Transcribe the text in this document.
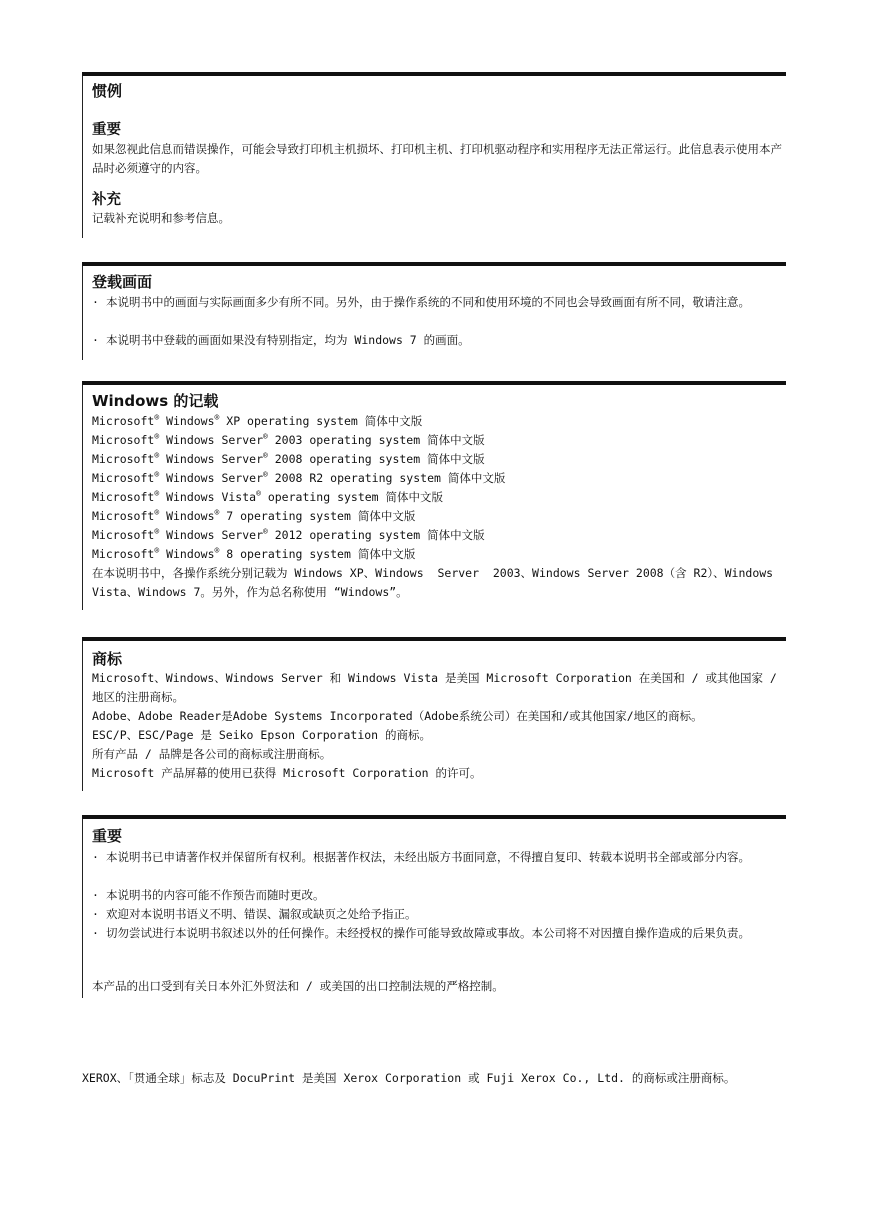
惯例
重要
如果忽视此信息而错误操作，可能会导致打印机主机损坏、打印机主机、打印机驱动程序和实用程序无法正常运行。此信息表示使用本产品时必须遵守的内容。
补充
记载补充说明和参考信息。
登载画面
· 本说明书中的画面与实际画面多少有所不同。另外，由于操作系统的不同和使用环境的不同也会导致画面有所不同，敬请注意。
· 本说明书中登载的画面如果没有特别指定，均为 Windows 7 的画面。
Windows 的记载
Microsoft® Windows® XP operating system 简体中文版
Microsoft® Windows Server® 2003 operating system 简体中文版
Microsoft® Windows Server® 2008 operating system 简体中文版
Microsoft® Windows Server® 2008 R2 operating system 简体中文版
Microsoft® Windows Vista® operating system 简体中文版
Microsoft® Windows® 7 operating system 简体中文版
Microsoft® Windows Server® 2012 operating system 简体中文版
Microsoft® Windows® 8 operating system 简体中文版
在本说明书中，各操作系统分别记载为 Windows XP、Windows  Server  2003、Windows Server 2008（含 R2）、Windows Vista、Windows 7。另外，作为总名称使用 “Windows”。
商标
Microsoft、Windows、Windows Server 和 Windows Vista 是美国 Microsoft Corporation 在美国和 / 或其他国家 / 地区的注册商标。
Adobe、Adobe Reader是Adobe Systems Incorporated（Adobe系统公司）在美国和/或其他国家/地区的商标。
ESC/P、ESC/Page 是 Seiko Epson Corporation 的商标。
所有产品 / 品牌是各公司的商标或注册商标。
Microsoft 产品屏幕的使用已获得 Microsoft Corporation 的许可。
重要
· 本说明书已申请著作权并保留所有权利。根据著作权法，未经出版方书面同意，不得擅自复印、转载本说明书全部或部分内容。
· 本说明书的内容可能不作预告而随时更改。
· 欢迎对本说明书语义不明、错误、漏叙或缺页之处给予指正。
· 切勿尝试进行本说明书叙述以外的任何操作。未经授权的操作可能导致故障或事故。本公司将不对因擅自操作造成的后果负责。
本产品的出口受到有关日本外汇外贸法和 / 或美国的出口控制法规的严格控制。
XEROX、「贯通全球」标志及 DocuPrint 是美国 Xerox Corporation 或 Fuji Xerox Co., Ltd. 的商标或注册商标。
